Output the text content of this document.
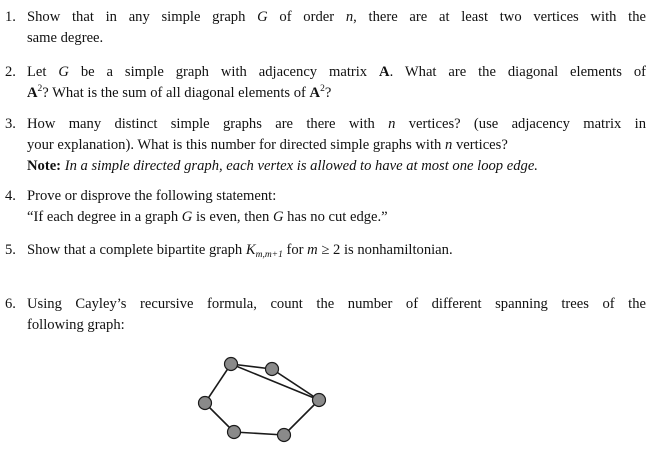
1. Show that in any simple graph G of order n, there are at least two vertices with the
same degree.
2. Let G be a simple graph with adjacency matrix A. What are the diagonal elements of
$A^2$? What is the sum of all diagonal elements of $A^2$?
3. How many distinct simple graphs are there with n vertices? (use adjacency matrix in
your explanation). What is this number for directed simple graphs with n vertices?
Note: In a simple directed graph, each vertex is allowed to have at most one loop edge.
4. Prove or disprove the following statement:
“If each degree in a graph G is even, then G has no cut edge.”
5. Show that a complete bipartite graph $K_{m,m+1}$ for m ≥ 2 is nonhamiltonian.
6. Using Cayley’s recursive formula, count the number of different spanning trees of the
following graph:
